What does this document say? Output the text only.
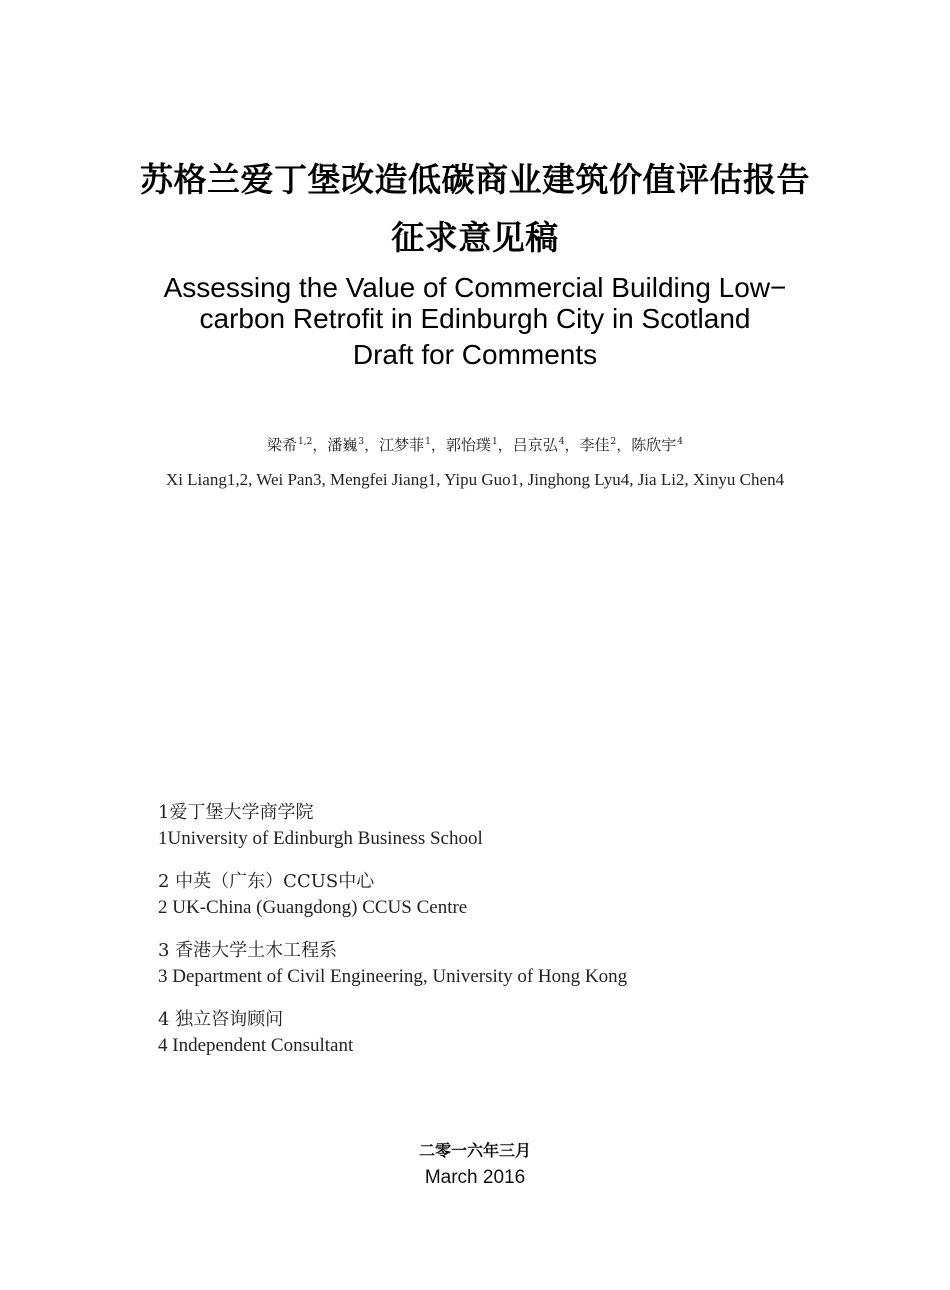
苏格兰爱丁堡改造低碳商业建筑价值评估报告
征求意见稿
Assessing the Value of Commercial Building Low−
carbon Retrofit in Edinburgh City in Scotland
Draft for Comments
梁希$^{1,2}$，潘巍$^3$，江梦菲$^1$，郭怡璞$^1$，吕京弘$^4$，李佳$^2$，陈欣宇$^4$
Xi Liang1,2, Wei Pan3, Mengfei Jiang1, Yipu Guo1, Jinghong Lyu4, Jia Li2, Xinyu Chen4
1爱丁堡大学商学院
1University of Edinburgh Business School
2 中英（广东）CCUS中心
2 UK-China (Guangdong) CCUS Centre
3 香港大学土木工程系
3 Department of Civil Engineering, University of Hong Kong
4 独立咨询顾问
4 Independent Consultant
二零一六年三月
March 2016
